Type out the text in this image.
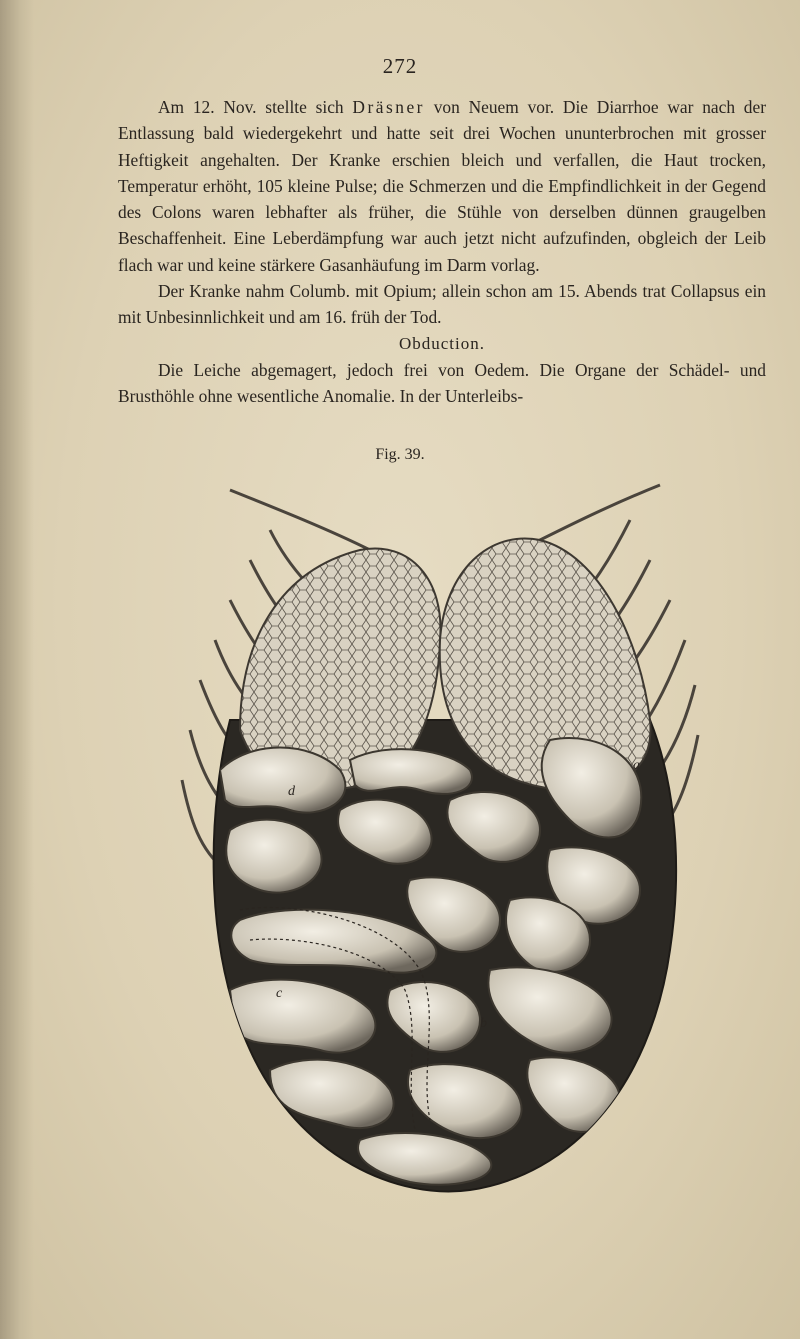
272

Am 12. Nov. stellte sich Dräsner von Neuem vor. Die Diarrhoe war nach der Entlassung bald wiedergekehrt und hatte seit drei Wochen ununterbrochen mit grosser Heftigkeit angehalten. Der Kranke erschien bleich und verfallen, die Haut trocken, Temperatur erhöht, 105 kleine Pulse; die Schmerzen und die Empfindlichkeit in der Gegend des Colons waren lebhafter als früher, die Stühle von derselben dünnen graugelben Beschaffenheit. Eine Leberdämpfung war auch jetzt nicht aufzufinden, obgleich der Leib flach war und keine stärkere Gasanhäufung im Darm vorlag.

Der Kranke nahm Columb. mit Opium; allein schon am 15. Abends trat Collapsus ein mit Unbesinnlichkeit und am 16. früh der Tod.

Obduction.

Die Leiche abgemagert, jedoch frei von Oedem. Die Organe der Schädel- und Brusthöhle ohne wesentliche Anomalie. In der Unterleibs-

Fig. 39.
a
b
c
d
